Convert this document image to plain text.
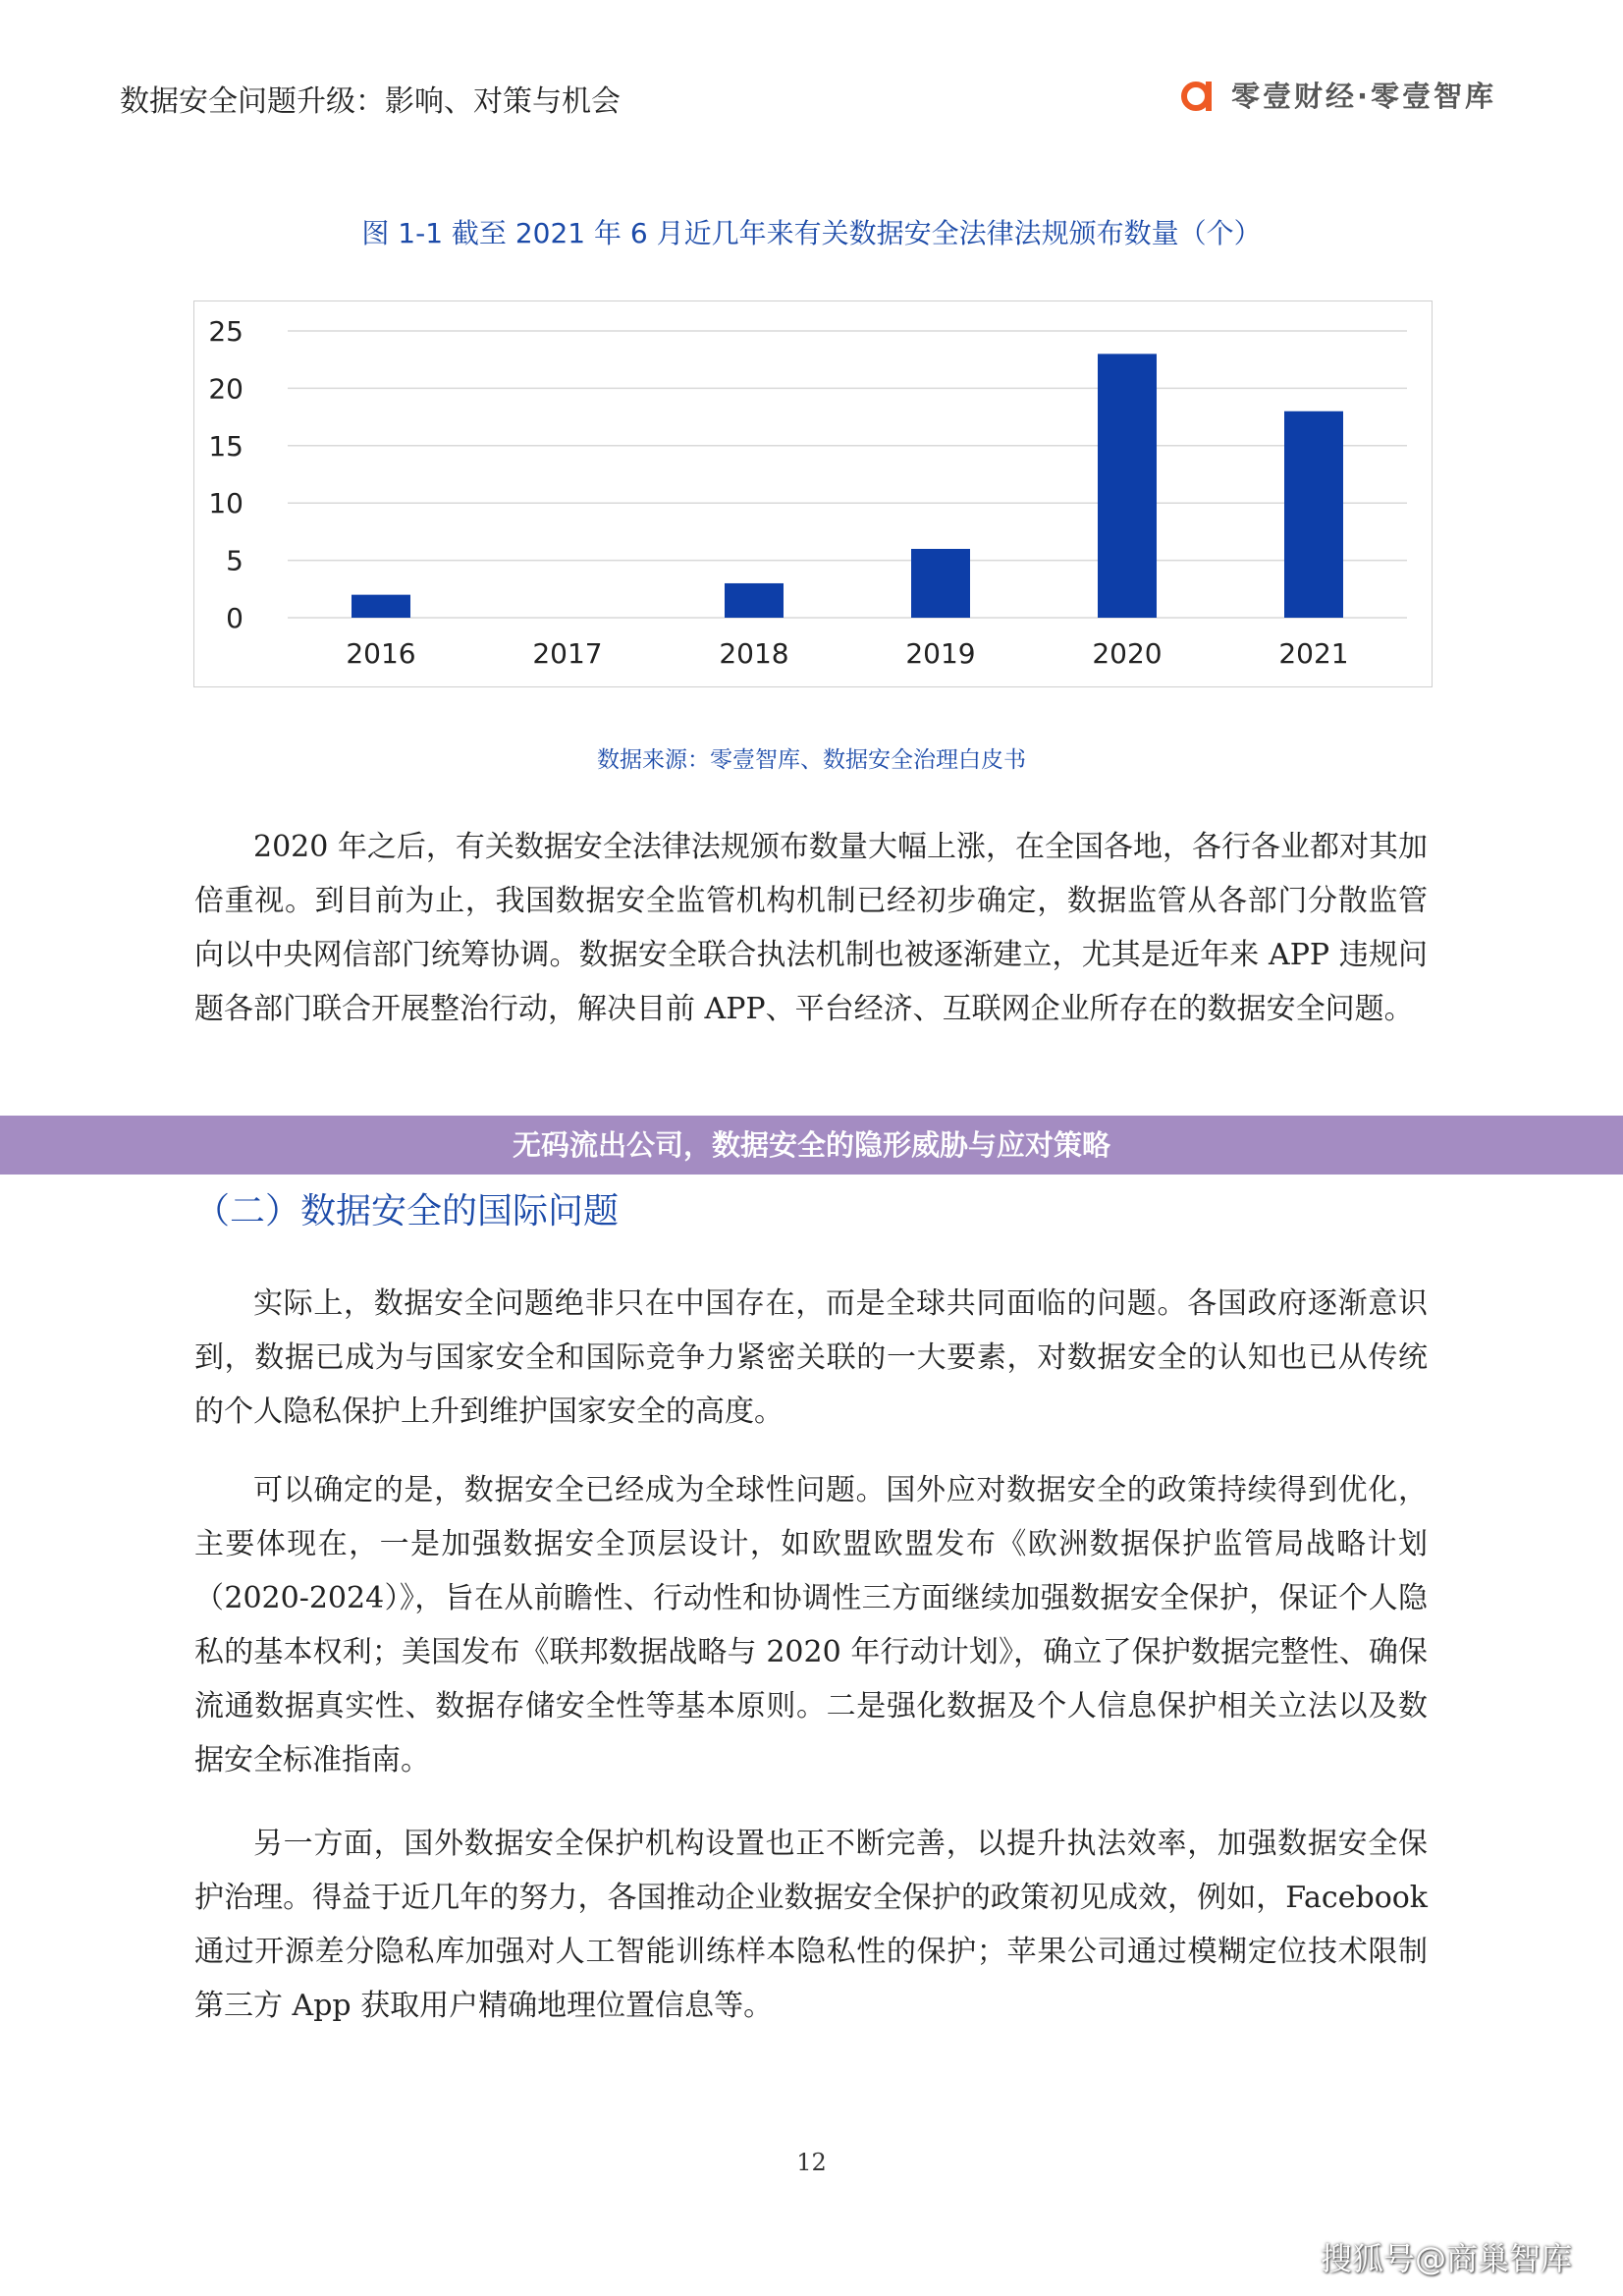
数据安全问题升级：影响、对策与机会	零壹财经·零壹智库
图 1-1 截至 2021 年 6 月近几年来有关数据安全法律法规颁布数量（个）
0
5
10
15
20
25
2016	2017	2018	2019	2020	2021
数据来源：零壹智库、数据安全治理白皮书
2020 年之后，有关数据安全法律法规颁布数量大幅上涨，在全国各地，各行各业都对其加倍重视。到目前为止，我国数据安全监管机构机制已经初步确定，数据监管从各部门分散监管向以中央网信部门统筹协调。数据安全联合执法机制也被逐渐建立，尤其是近年来 APP 违规问题各部门联合开展整治行动，解决目前 APP、平台经济、互联网企业所存在的数据安全问题。
无码流出公司，数据安全的隐形威胁与应对策略
（二）数据安全的国际问题
实际上，数据安全问题绝非只在中国存在，而是全球共同面临的问题。各国政府逐渐意识到，数据已成为与国家安全和国际竞争力紧密关联的一大要素，对数据安全的认知也已从传统的个人隐私保护上升到维护国家安全的高度。
可以确定的是，数据安全已经成为全球性问题。国外应对数据安全的政策持续得到优化，主要体现在，一是加强数据安全顶层设计，如欧盟欧盟发布《欧洲数据保护监管局战略计划（2020-2024）》，旨在从前瞻性、行动性和协调性三方面继续加强数据安全保护，保证个人隐私的基本权利；美国发布《联邦数据战略与 2020 年行动计划》，确立了保护数据完整性、确保流通数据真实性、数据存储安全性等基本原则。二是强化数据及个人信息保护相关立法以及数据安全标准指南。
另一方面，国外数据安全保护机构设置也正不断完善，以提升执法效率，加强数据安全保护治理。得益于近几年的努力，各国推动企业数据安全保护的政策初见成效，例如，Facebook 通过开源差分隐私库加强对人工智能训练样本隐私性的保护；苹果公司通过模糊定位技术限制第三方 App 获取用户精确地理位置信息等。
12
搜狐号@商巢智库
